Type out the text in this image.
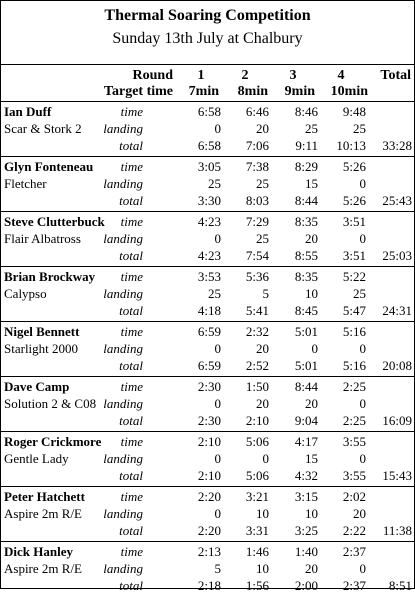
Thermal Soaring Competition
Sunday 13th July at Chalbury
Round	1	2	3	4	Total
Target time	7min	8min	9min	10min
Ian Duff	time	6:58	6:46	8:46	9:48
Scar & Stork 2	landing	0	20	25	25
total	6:58	7:06	9:11	10:13	33:28
Glyn Fonteneau	time	3:05	7:38	8:29	5:26
Fletcher	landing	25	25	15	0
total	3:30	8:03	8:44	5:26	25:43
Steve Clutterbuck	time	4:23	7:29	8:35	3:51
Flair Albatross	landing	0	25	20	0
total	4:23	7:54	8:55	3:51	25:03
Brian Brockway	time	3:53	5:36	8:35	5:22
Calypso	landing	25	5	10	25
total	4:18	5:41	8:45	5:47	24:31
Nigel Bennett	time	6:59	2:32	5:01	5:16
Starlight 2000	landing	0	20	0	0
total	6:59	2:52	5:01	5:16	20:08
Dave Camp	time	2:30	1:50	8:44	2:25
Solution 2 & C08 landing	0	20	20	0
total	2:30	2:10	9:04	2:25	16:09
Roger Crickmore	time	2:10	5:06	4:17	3:55
Gentle Lady	landing	0	0	15	0
total	2:10	5:06	4:32	3:55	15:43
Peter Hatchett	time	2:20	3:21	3:15	2:02
Aspire 2m R/E	landing	0	10	10	20
total	2:20	3:31	3:25	2:22	11:38
Dick Hanley	time	2:13	1:46	1:40	2:37
Aspire 2m R/E	landing	5	10	20	0
total	2:18	1:56	2:00	2:37	8:51
